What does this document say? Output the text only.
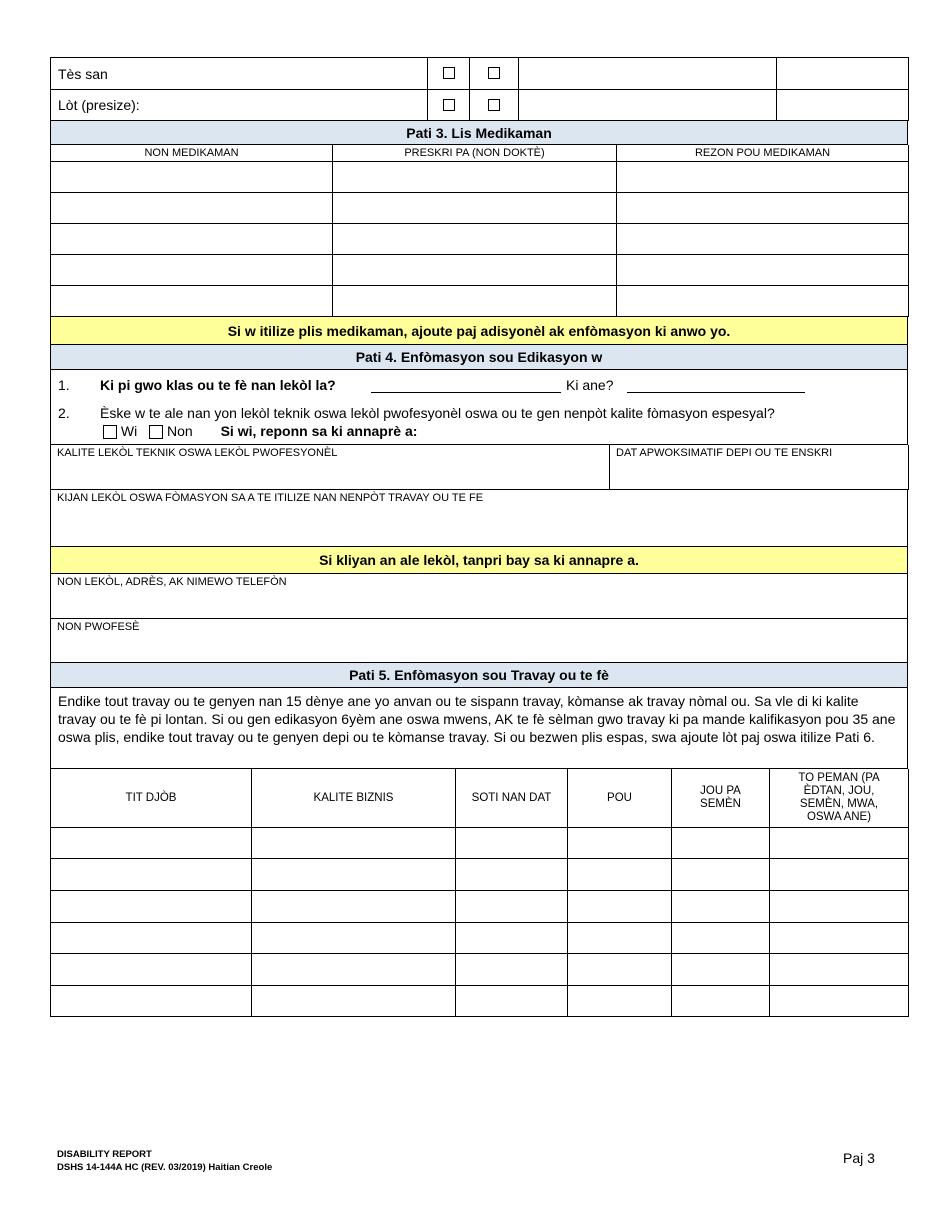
Tès san				
Lòt (presize):				
Pati 3. Lis Medikaman
NON MEDIKAMAN	PRESKRI PA (NON DOKTÈ)	REZON POU MEDIKAMAN

Si w itilize plis medikaman, ajoute paj adisyonèl ak enfòmasyon ki anwo yo.
Pati 4. Enfòmasyon sou Edikasyon w
1. Ki pi gwo klas ou te fè nan lekòl la?	Ki ane?
2. Èske w te ale nan yon lekòl teknik oswa lekòl pwofesyonèl oswa ou te gen nenpòt kalite fòmasyon espesyal?
Wi Non Si wi, reponn sa ki annaprè a:
KALITE LEKÒL TEKNIK OSWA LEKÒL PWOFESYONÈL	DAT APWOKSIMATIF DEPI OU TE ENSKRI
KIJAN LEKÒL OSWA FÒMASYON SA A TE ITILIZE NAN NENPÒT TRAVAY OU TE FE
Si kliyan an ale lekòl, tanpri bay sa ki annapre a.
NON LEKÒL, ADRÈS, AK NIMEWO TELEFÒN
NON PWOFESÈ
Pati 5. Enfòmasyon sou Travay ou te fè
Endike tout travay ou te genyen nan 15 dènye ane yo anvan ou te sispann travay, kòmanse ak travay nòmal ou. Sa vle di ki kalite travay ou te fè pi lontan. Si ou gen edikasyon 6yèm ane oswa mwens, AK te fè sèlman gwo travay ki pa mande kalifikasyon pou 35 ane oswa plis, endike tout travay ou te genyen depi ou te kòmanse travay. Si ou bezwen plis espas, swa ajoute lòt paj oswa itilize Pati 6.
TIT DJÒB	KALITE BIZNIS	SOTI NAN DAT	POU	JOU PA SEMÈN	TO PEMAN (PA ÈDTAN, JOU, SEMÈN, MWA, OSWA ANE)

DISABILITY REPORT
DSHS 14-144A HC (REV. 03/2019) Haitian Creole
Paj 3
